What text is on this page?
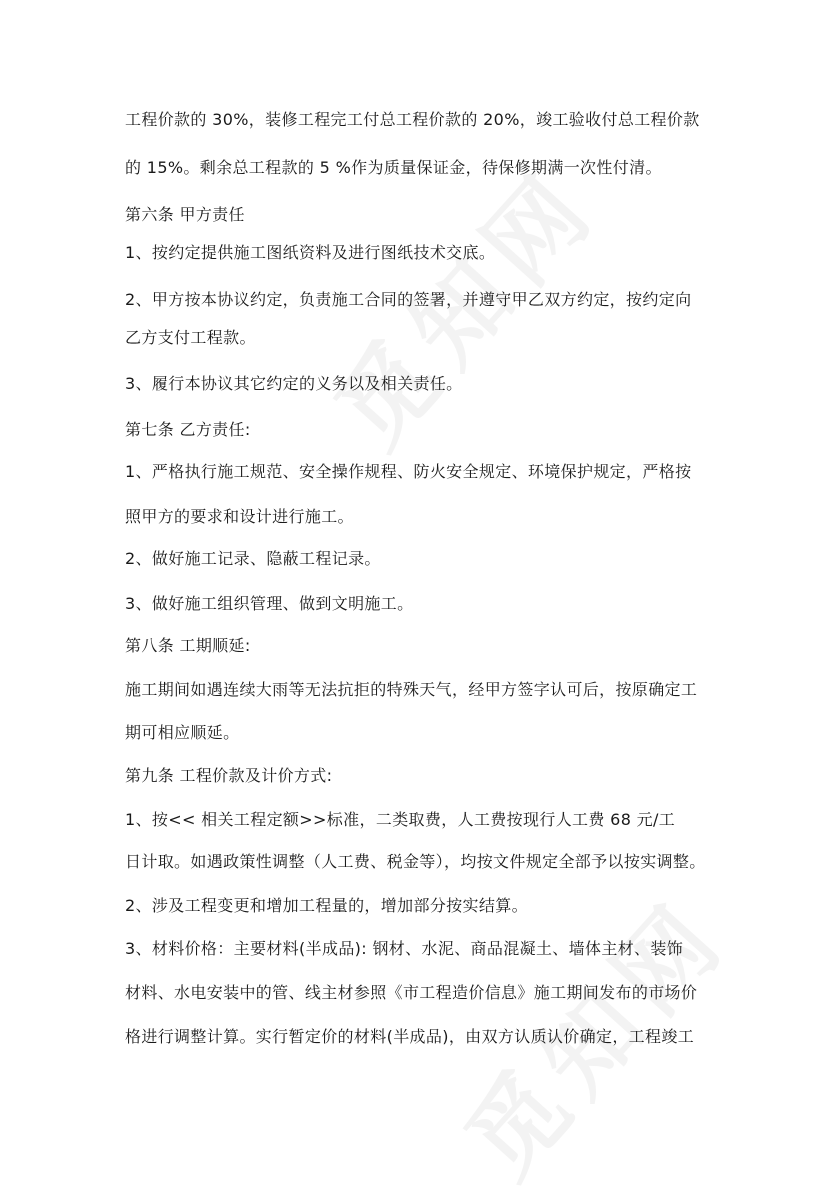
工程价款的 30%，装修工程完工付总工程价款的 20%，竣工验收付总工程价款
的 15%。剩余总工程款的 5 %作为质量保证金，待保修期满一次性付清。
第六条 甲方责任
1、按约定提供施工图纸资料及进行图纸技术交底。
2、甲方按本协议约定，负责施工合同的签署，并遵守甲乙双方约定，按约定向
乙方支付工程款。
3、履行本协议其它约定的义务以及相关责任。
第七条 乙方责任:
1、严格执行施工规范、安全操作规程、防火安全规定、环境保护规定，严格按
照甲方的要求和设计进行施工。
2、做好施工记录、隐蔽工程记录。
3、做好施工组织管理、做到文明施工。
第八条 工期顺延:
施工期间如遇连续大雨等无法抗拒的特殊天气，经甲方签字认可后，按原确定工
期可相应顺延。
第九条 工程价款及计价方式:
1、按<< 相关工程定额>>标准，二类取费，人工费按现行人工费 68 元/工
日计取。如遇政策性调整（人工费、税金等），均按文件规定全部予以按实调整。
2、涉及工程变更和增加工程量的，增加部分按实结算。
3、材料价格：主要材料(半成品): 钢材、水泥、商品混凝土、墙体主材、装饰
材料、水电安装中的管、线主材参照《市工程造价信息》施工期间发布的市场价
格进行调整计算。实行暂定价的材料(半成品)，由双方认质认价确定，工程竣工
